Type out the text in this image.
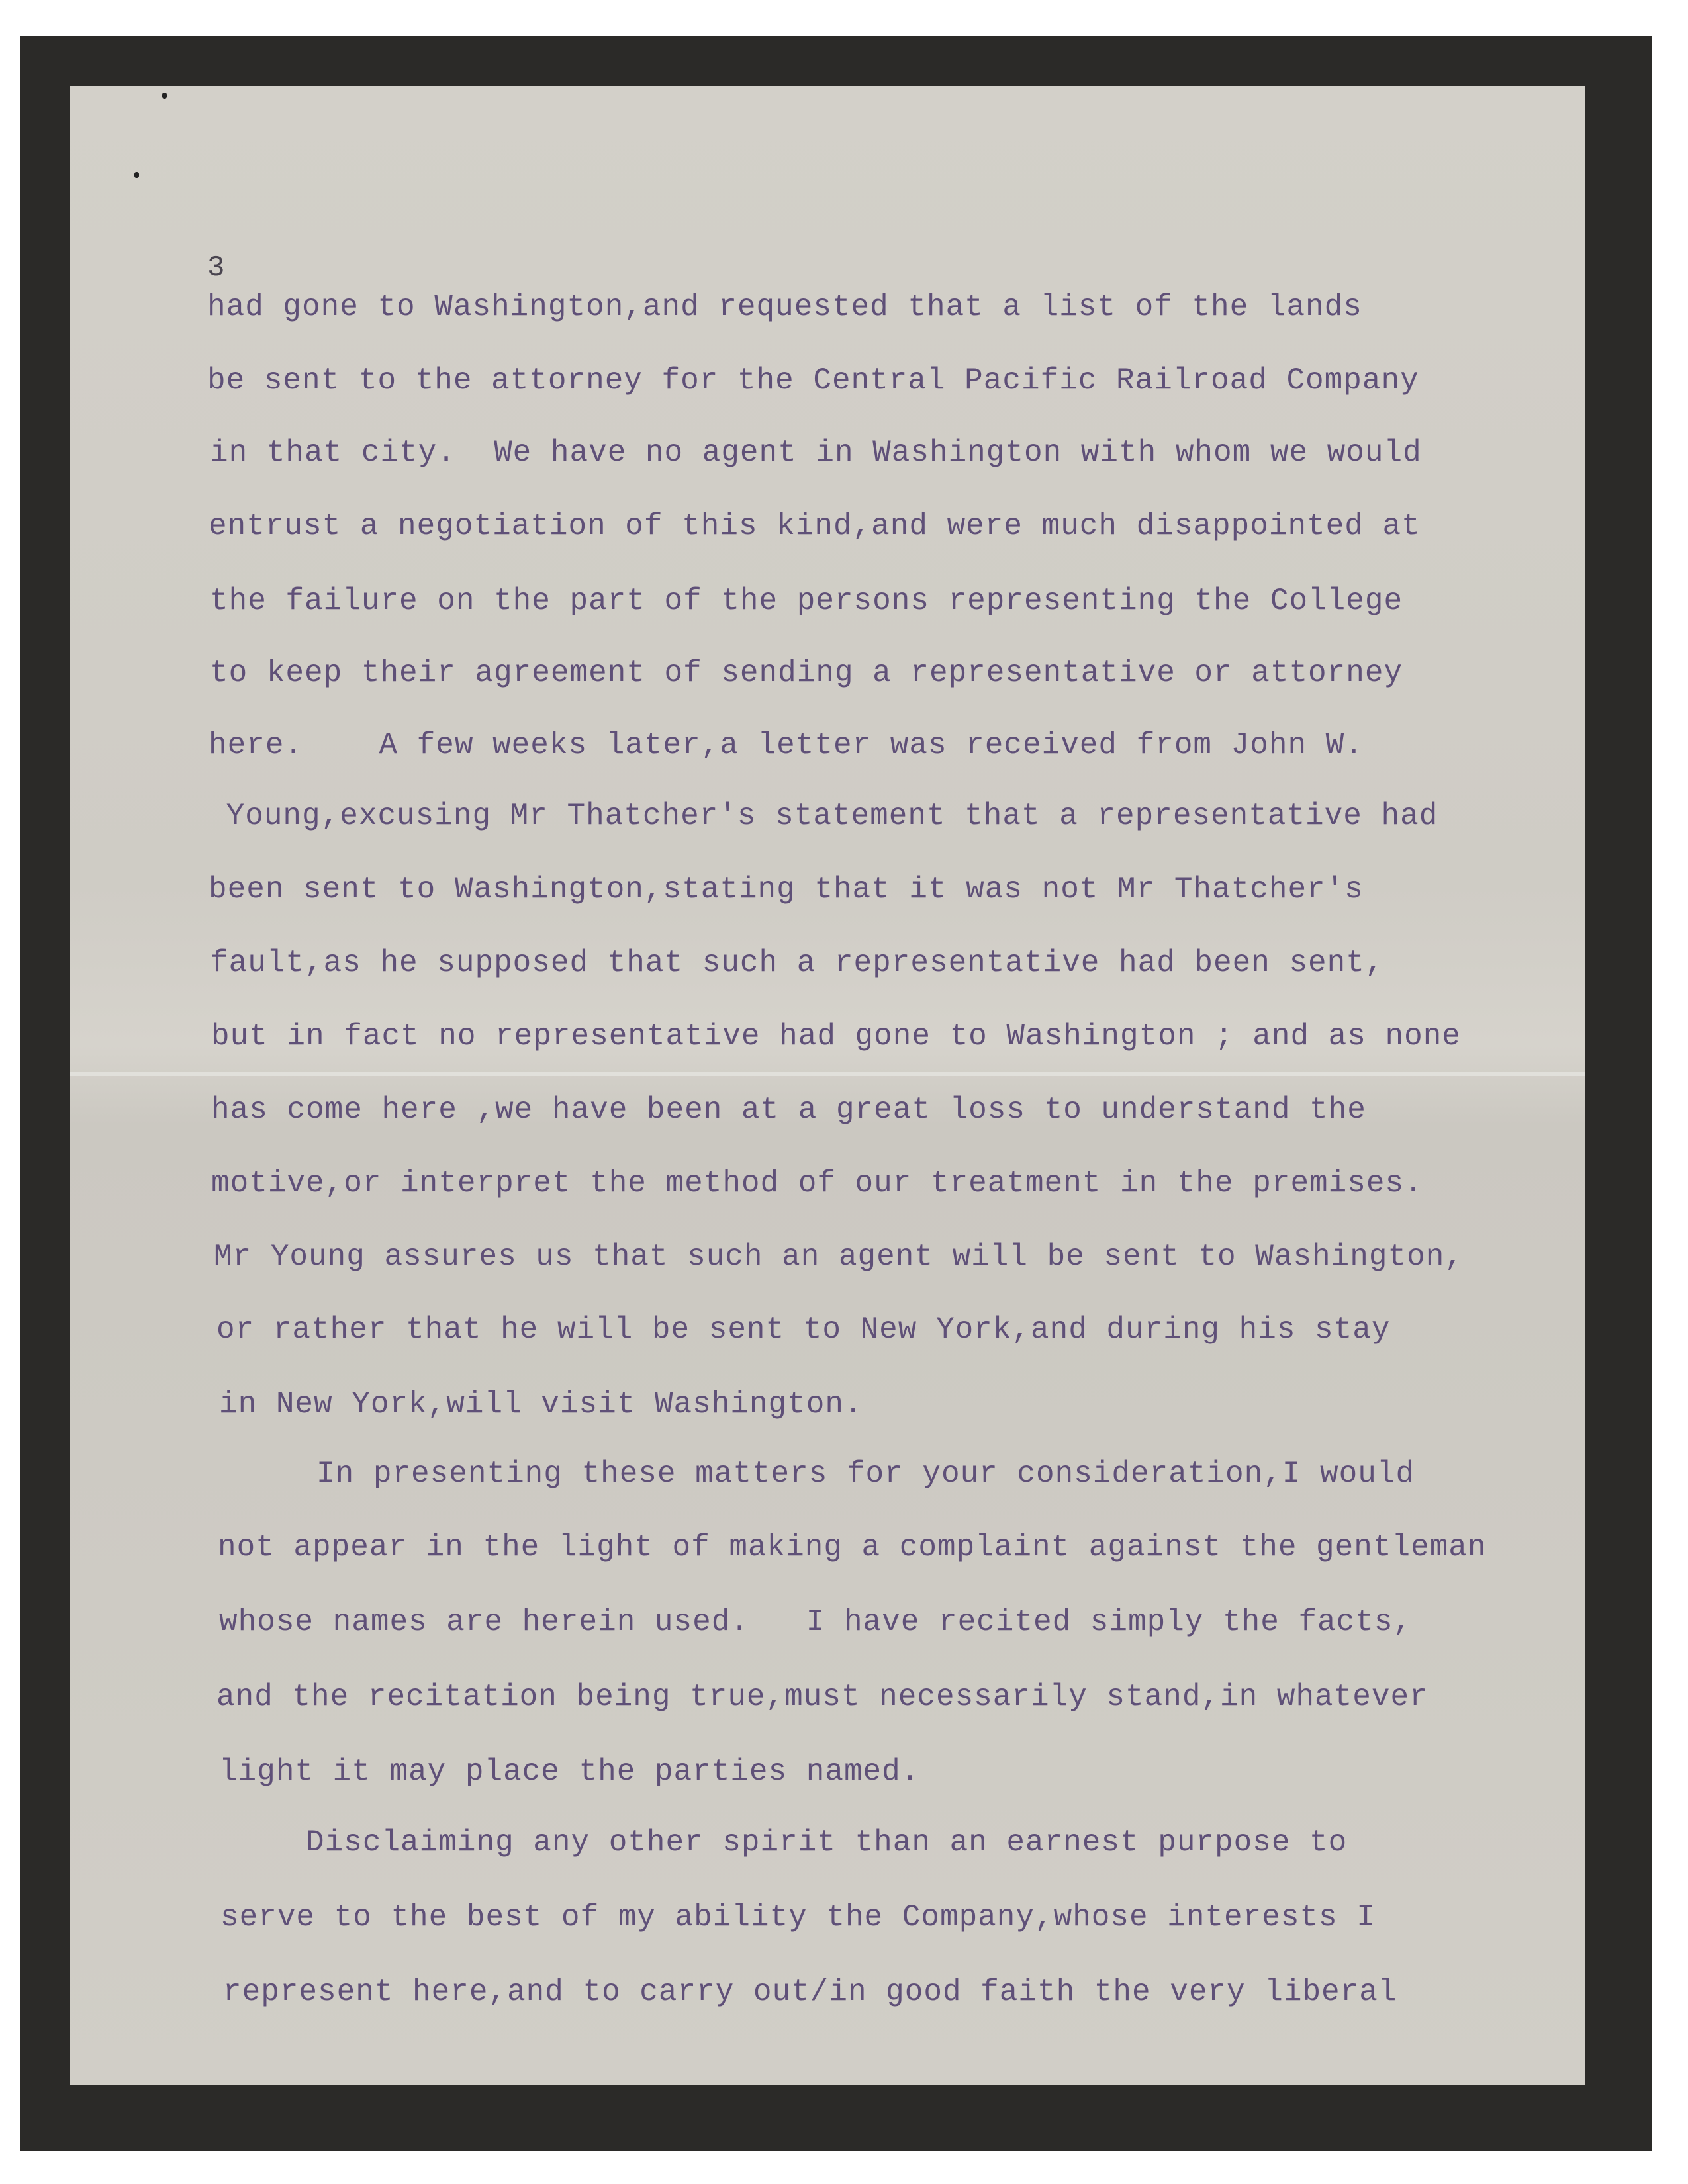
3
had gone to Washington,and requested that a list of the lands
be sent to the attorney for the Central Pacific Railroad Company
in that city.  We have no agent in Washington with whom we would
entrust a negotiation of this kind,and were much disappointed at
the failure on the part of the persons representing the College
to keep their agreement of sending a representative or attorney
here.    A few weeks later,a letter was received from John W.
Young,excusing Mr Thatcher's statement that a representative had
been sent to Washington,stating that it was not Mr Thatcher's
fault,as he supposed that such a representative had been sent,
but in fact no representative had gone to Washington ; and as none
has come here ,we have been at a great loss to understand the
motive,or interpret the method of our treatment in the premises.
Mr Young assures us that such an agent will be sent to Washington,
or rather that he will be sent to New York,and during his stay
in New York,will visit Washington.
In presenting these matters for your consideration,I would
not appear in the light of making a complaint against the gentleman
whose names are herein used.   I have recited simply the facts,
and the recitation being true,must necessarily stand,in whatever
light it may place the parties named.
Disclaiming any other spirit than an earnest purpose to
serve to the best of my ability the Company,whose interests I
represent here,and to carry out/in good faith the very liberal
